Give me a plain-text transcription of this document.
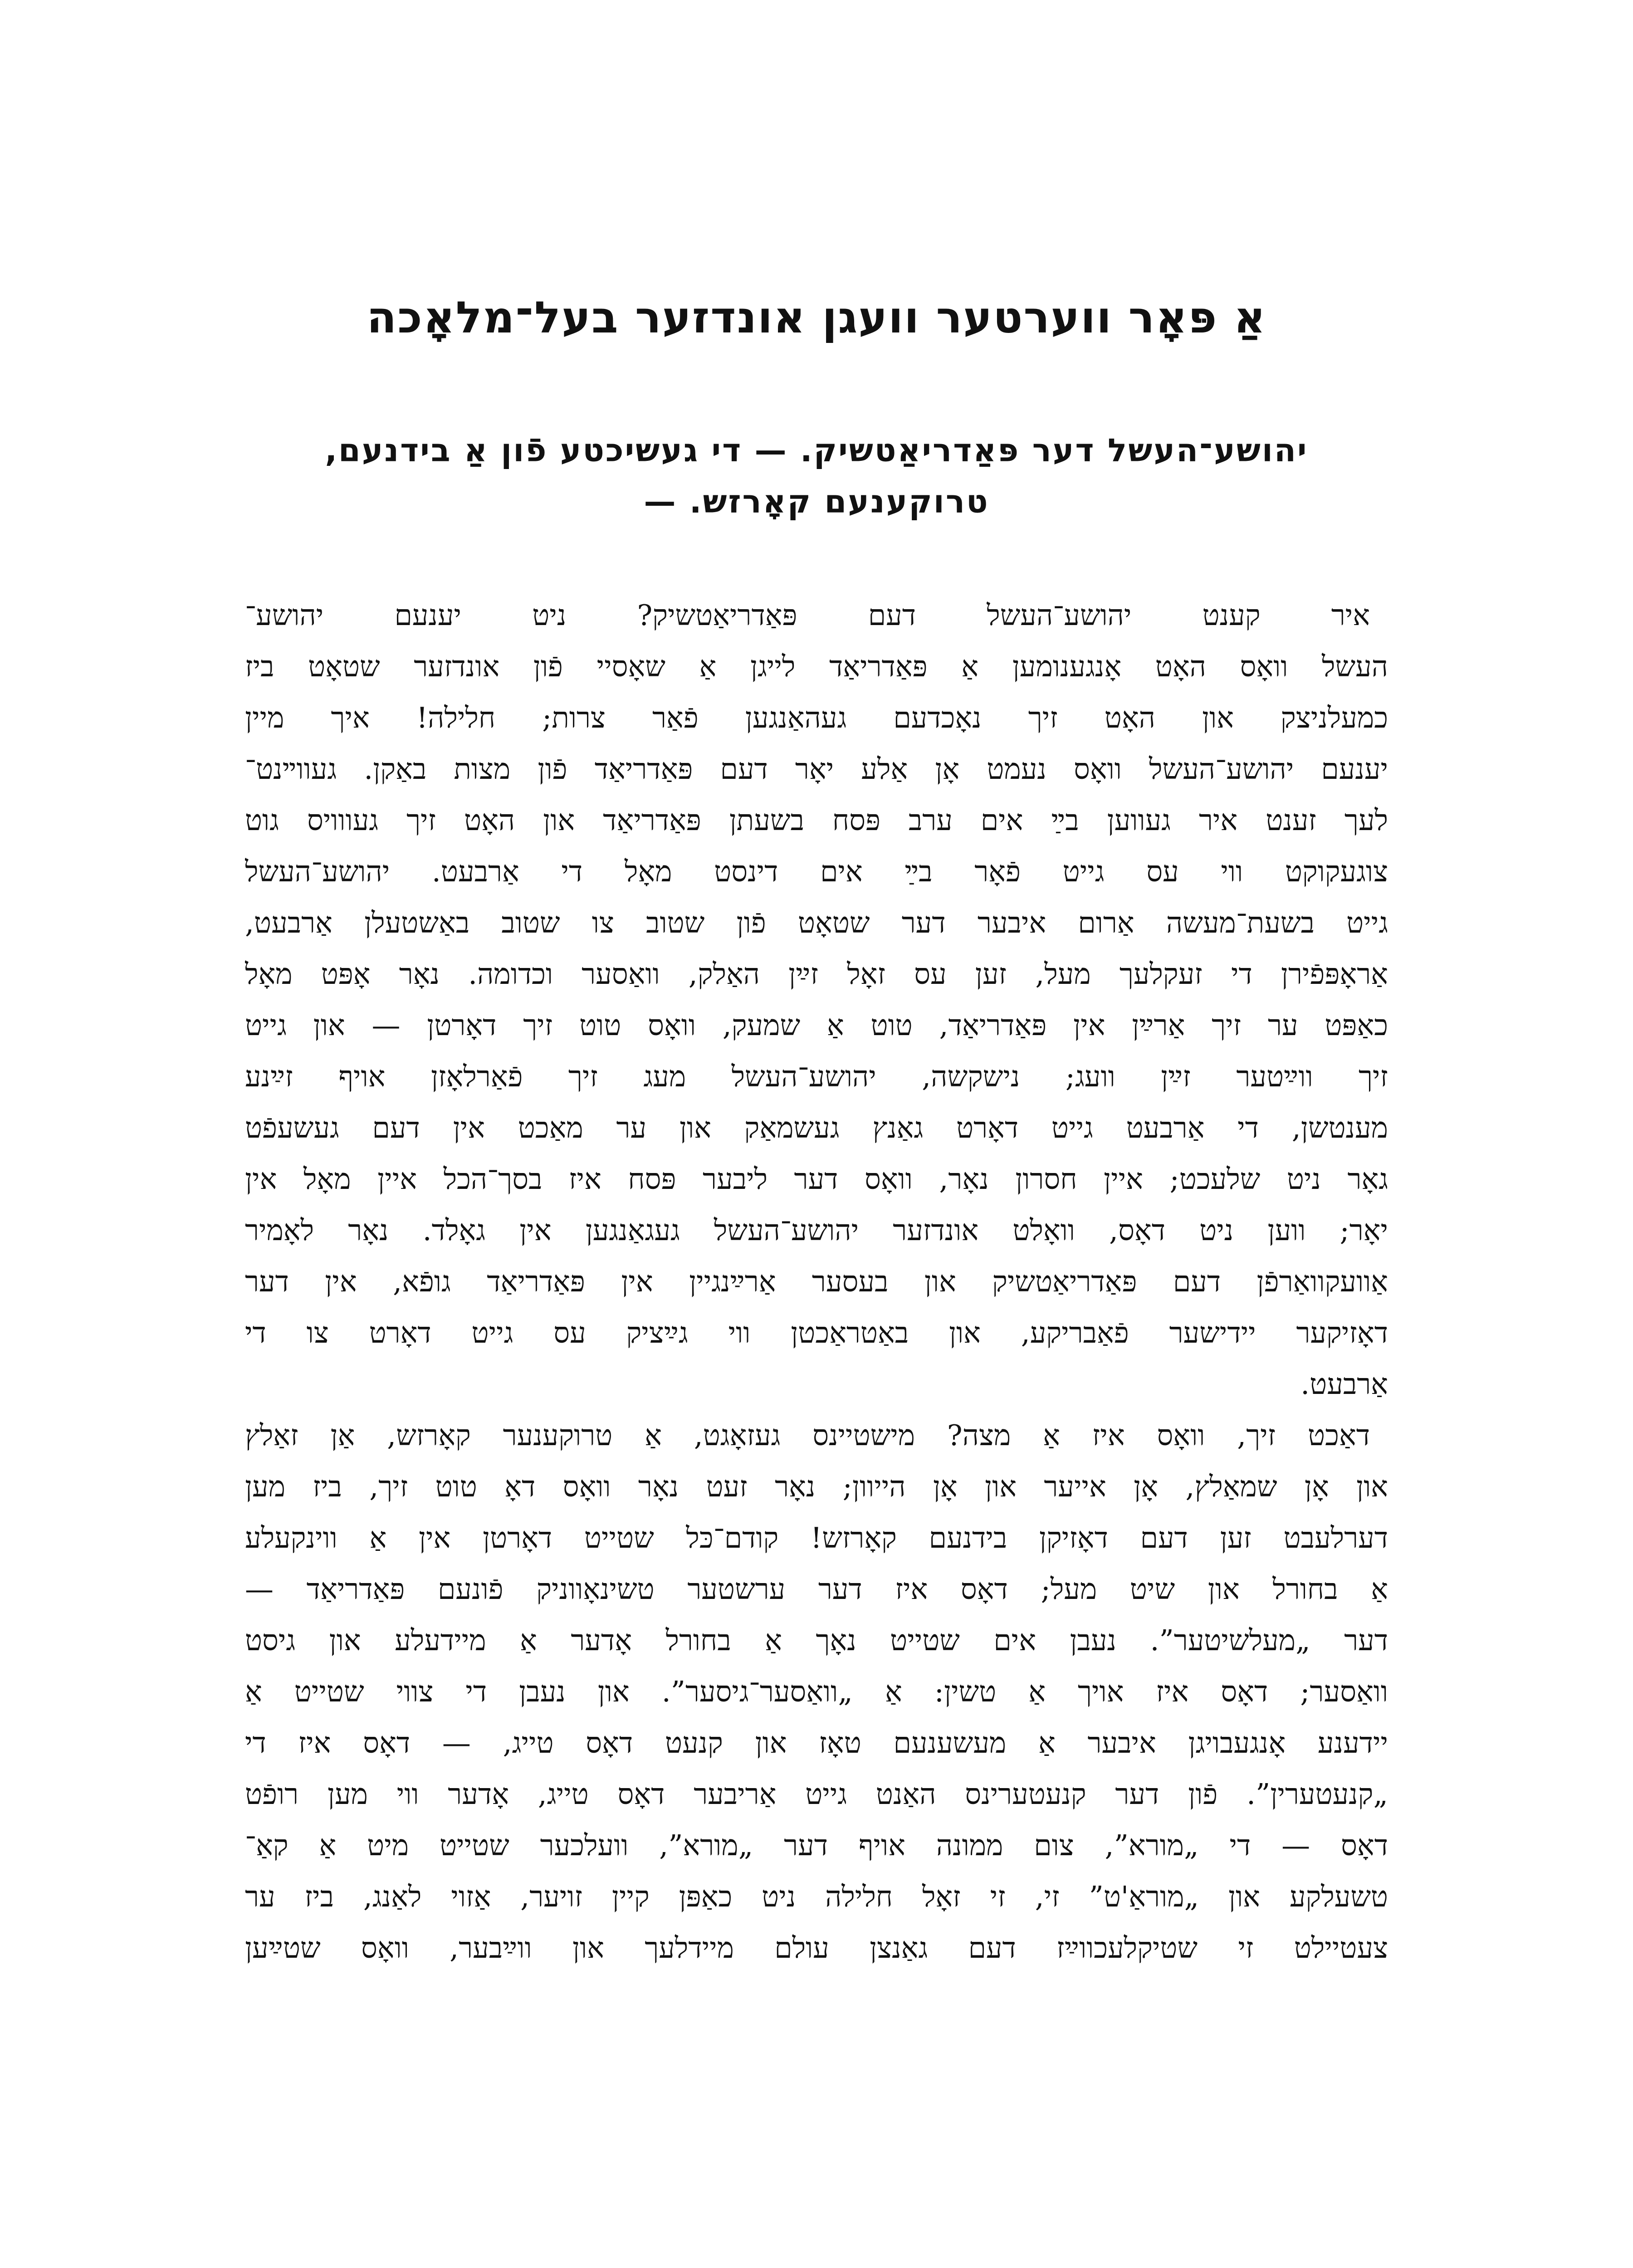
אַ פּאָר ווערטער וועגן אונדזער בעל־מלאָכה
יהושע־העשל דער פּאַדריאַטשיק. — די געשיכטע פֿון אַ בידנעם,
טרוקענעם קאָרזש. —
איר קענט יהושע־העשל דעם פּאַדריאַטשיק? ניט יענעם יהושע־
העשל וואָס האָט אָנגענומען אַ פּאַדריאַד לייגן אַ שאָסיי פֿון אונדזער שטאָט ביז
כמעלניצק און האָט זיך נאָכדעם געהאַנגען פֿאַר צרות; חלילה! איך מיין
יענעם יהושע־העשל וואָס נעמט אָן אַלע יאָר דעם פּאַדריאַד פֿון מצות באַקן. געווײנט־
לעך זענט איר געווען בײַ אים ערב פּסח בשעתן פּאַדריאַד און האָט זיך געווויס גוט
צוגעקוקט ווי עס גייט פֿאָר בײַ אים דינסט מאָל די אַרבעט. יהושע־העשל
גייט בשעת־מעשה אַרום איבער דער שטאָט פֿון שטוב צו שטוב באַשטעלן אַרבעט,
אַראָפּפֿירן די זעקלעך מעל, זען עס זאָל זײַן האַלק, וואַסער וכדומה. נאָר אָפּט מאָל
כאַפּט ער זיך אַרײַן אין פּאַדריאַד, טוט אַ שמעק, וואָס טוט זיך דאָרטן — און גייט
זיך ווײַטער זײַן וועג; נישקשה, יהושע־העשל מעג זיך פֿאַרלאָזן אויף זײַנע
מענטשן, די אַרבעט גייט דאָרט גאַנץ געשמאַק און ער מאַכט אין דעם געשעפֿט
גאָר ניט שלעכט; איין חסרון נאָר, וואָס דער ליבער פּסח איז בסך־הכל איין מאָל אין
יאָר; ווען ניט דאָס, וואָלט אונדזער יהושע־העשל געגאַנגען אין גאָלד. נאָר לאָמיר
אַוועקוואַרפֿן דעם פּאַדריאַטשיק און בעסער אַרײַנגיין אין פּאַדריאַד גופֿא, אין דער
דאָזיקער יידישער פֿאַבריקע, און באַטראַכטן ווי גײַציק עס גייט דאָרט צו די
אַרבעט.
דאַכט זיך, וואָס איז אַ מצה? מישטיינס געזאָגט, אַ טרוקענער קאָרזש, אַן זאַלץ
און אָן שמאַלץ, אָן אייער און אָן הייוון; נאָר זעט נאָר וואָס דאָ טוט זיך, ביז מען
דערלעבט זען דעם דאָזיקן בידנעם קאָרזש! קודם־כּל שטייט דאָרטן אין אַ ווינקעלע
אַ בחורל און שיט מעל; דאָס איז דער ערשטער טשינאָווניק פֿונעם פּאַדריאַד —
דער „מעלשיטער”. נעבן אים שטייט נאָך אַ בחורל אָדער אַ מיידעלע און גיסט
וואַסער; דאָס איז אויך אַ טשין: אַ „וואַסער־גיסער”. און נעבן די צווי שטייט אַ
יידענע אָנגעבויגן איבער אַ מעשענעם טאָז און קנעט דאָס טייג, — דאָס איז די
„קנעטערין”. פֿון דער קנעטערינס האַנט גייט אַריבער דאָס טייג, אָדער ווי מען רופֿט
דאָס — די „מורא”, צום ממונה אויף דער „מורא”, וועלכער שטייט מיט אַ קאַ־
טשעלקע און „מוראַ'ט” זי, זי זאָל חלילה ניט כאַפּן קיין זויער, אַזוי לאַנג, ביז ער
צעטיילט זי שטיקלעכווײַז דעם גאַנצן עולם מיידלעך און ווײַבער, וואָס שטײַען
